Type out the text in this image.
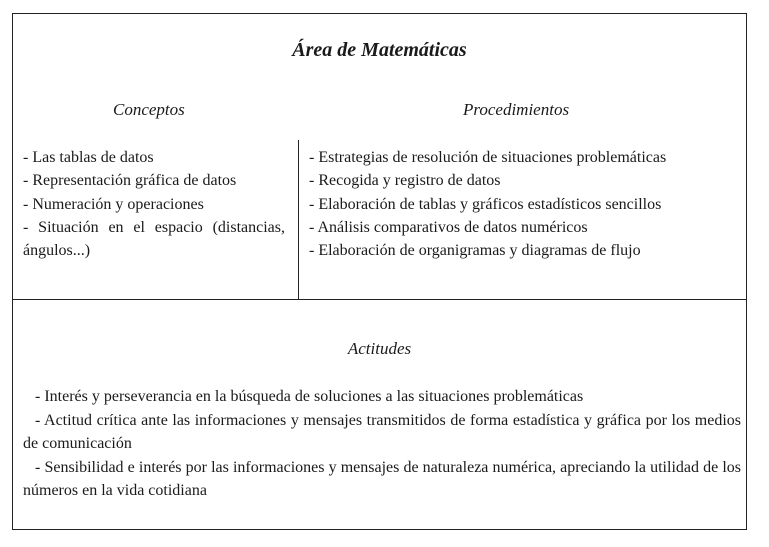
Área de Matemáticas
Conceptos	Procedimientos
- Las tablas de datos
- Representación gráfica de datos
- Numeración y operaciones
- Situación en el espacio (distancias, ángulos...)
- Estrategias de resolución de situaciones problemáticas
- Recogida y registro de datos
- Elaboración de tablas y gráficos estadísticos sencillos
- Análisis comparativos de datos numéricos
- Elaboración de organigramas y diagramas de flujo
Actitudes
- Interés y perseverancia en la búsqueda de soluciones a las situaciones problemáticas
- Actitud crítica ante las informaciones y mensajes transmitidos de forma estadística y gráfica por los medios de comunicación
- Sensibilidad e interés por las informaciones y mensajes de naturaleza numérica, apreciando la utilidad de los números en la vida cotidiana
